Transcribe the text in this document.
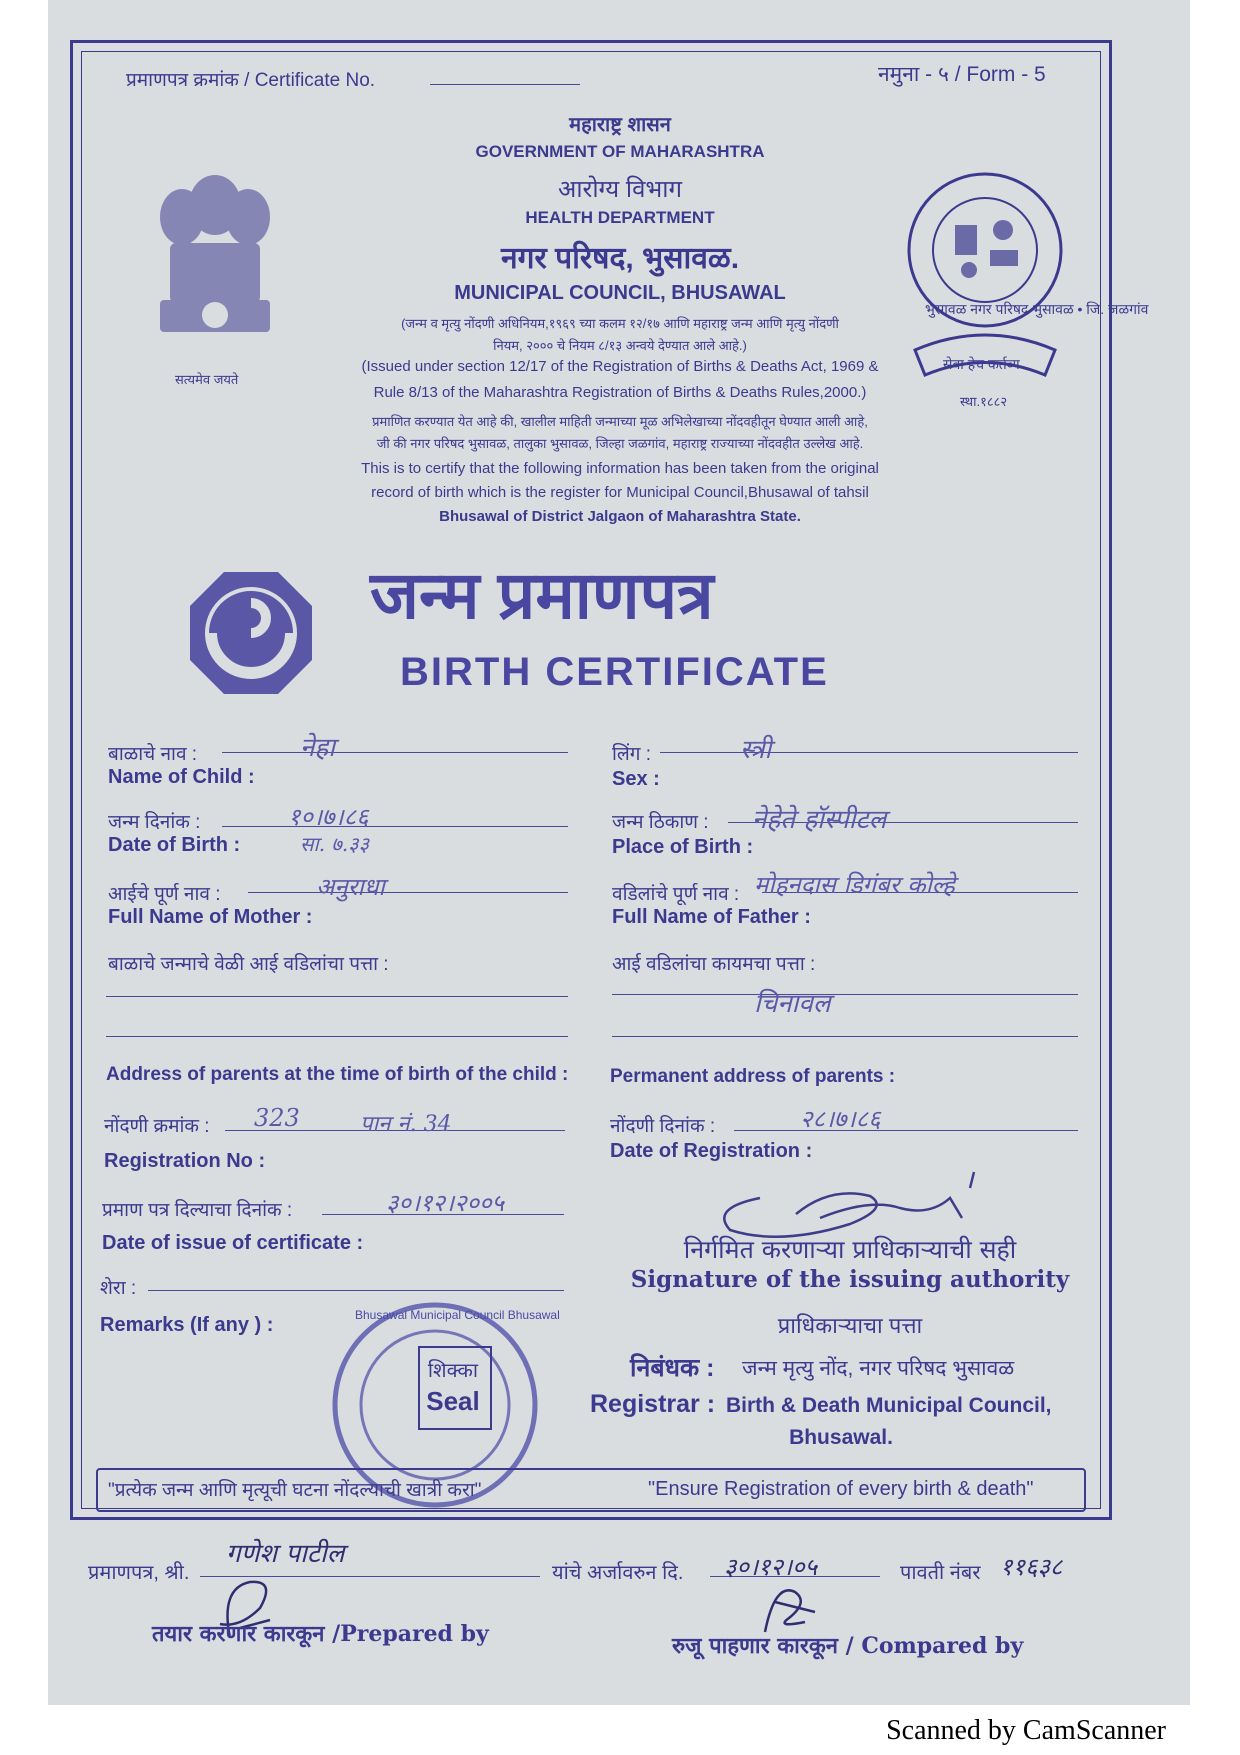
प्रमाणपत्र क्रमांक / Certificate No.	नमुना - ५ / Form - 5
सत्यमेव जयते
भुसावळ नगर परिषद भुसावळ • जि. जळगांव
सेवा हेच कर्तव्य
स्था.१८८२
महाराष्ट्र शासन
GOVERNMENT OF MAHARASHTRA
आरोग्य विभाग
HEALTH DEPARTMENT
नगर परिषद, भुसावळ.
MUNICIPAL COUNCIL, BHUSAWAL
(जन्म व मृत्यु नोंदणी अधिनियम,१९६९ च्या कलम १२/१७ आणि महाराष्ट्र जन्म आणि मृत्यु नोंदणी
नियम, २००० चे नियम ८/१३ अन्वये देण्यात आले आहे.)
(Issued under section 12/17 of the Registration of Births & Deaths Act, 1969 &
Rule 8/13 of the Maharashtra Registration of Births & Deaths Rules,2000.)
प्रमाणित करण्यात येत आहे की, खालील माहिती जन्माच्या मूळ अभिलेखाच्या नोंदवहीतून घेण्यात आली आहे,
जी की नगर परिषद भुसावळ, तालुका भुसावळ, जिल्हा जळगांव, महाराष्ट्र राज्याच्या नोंदवहीत उल्लेख आहे.
This is to certify that the following information has been taken from the original
record of birth which is the register for Municipal Council,Bhusawal of tahsil
Bhusawal of District Jalgaon of Maharashtra State.
जन्म प्रमाणपत्र
BIRTH CERTIFICATE
बाळाचे नाव :
Name of Child :
नेहा
जन्म दिनांक :
Date of Birth :
१०।७।८६
सा. ७.३३
आईचे पूर्ण नाव :
Full Name of Mother :
अनुराधा
बाळाचे जन्माचे वेळी आई वडिलांचा पत्ता :
Address of parents at the time of birth of the child :
नोंदणी क्रमांक : 323	पान नं. 34
Registration No :
प्रमाण पत्र दिल्याचा दिनांक :	३०।१२।२००५
Date of issue of certificate :
शेरा :
Remarks (If any ) :
लिंग :
Sex :
स्त्री
जन्म ठिकाण :
Place of Birth :
नेहेते हॉस्पीटल
वडिलांचे पूर्ण नाव :
Full Name of Father :
मोहनदास डिगंबर कोल्हे
आई वडिलांचा कायमचा पत्ता :
चिनावल
Permanent address of parents :
नोंदणी दिनांक :	२८।७।८६
Date of Registration :
निर्गमित करणाऱ्या प्राधिकाऱ्याची सही
Signature of the issuing authority
प्राधिकाऱ्याचा पत्ता
निबंधक : जन्म मृत्यु नोंद, नगर परिषद भुसावळ
Registrar : Birth & Death Municipal Council,
Bhusawal.
Bhusawal Municipal Council Bhusawal
शिक्का
Seal
"प्रत्येक जन्म आणि मृत्यूची घटना नोंदल्याची खात्री करा"	"Ensure Registration of every birth & death"
प्रमाणपत्र, श्री.
गणेश पाटील
यांचे अर्जावरुन दि. ३०।१२।०५	पावती नंबर ११६३८
तयार करणार कारकून /Prepared by	रुजू पाहणार कारकून / Compared by
Scanned by CamScanner
